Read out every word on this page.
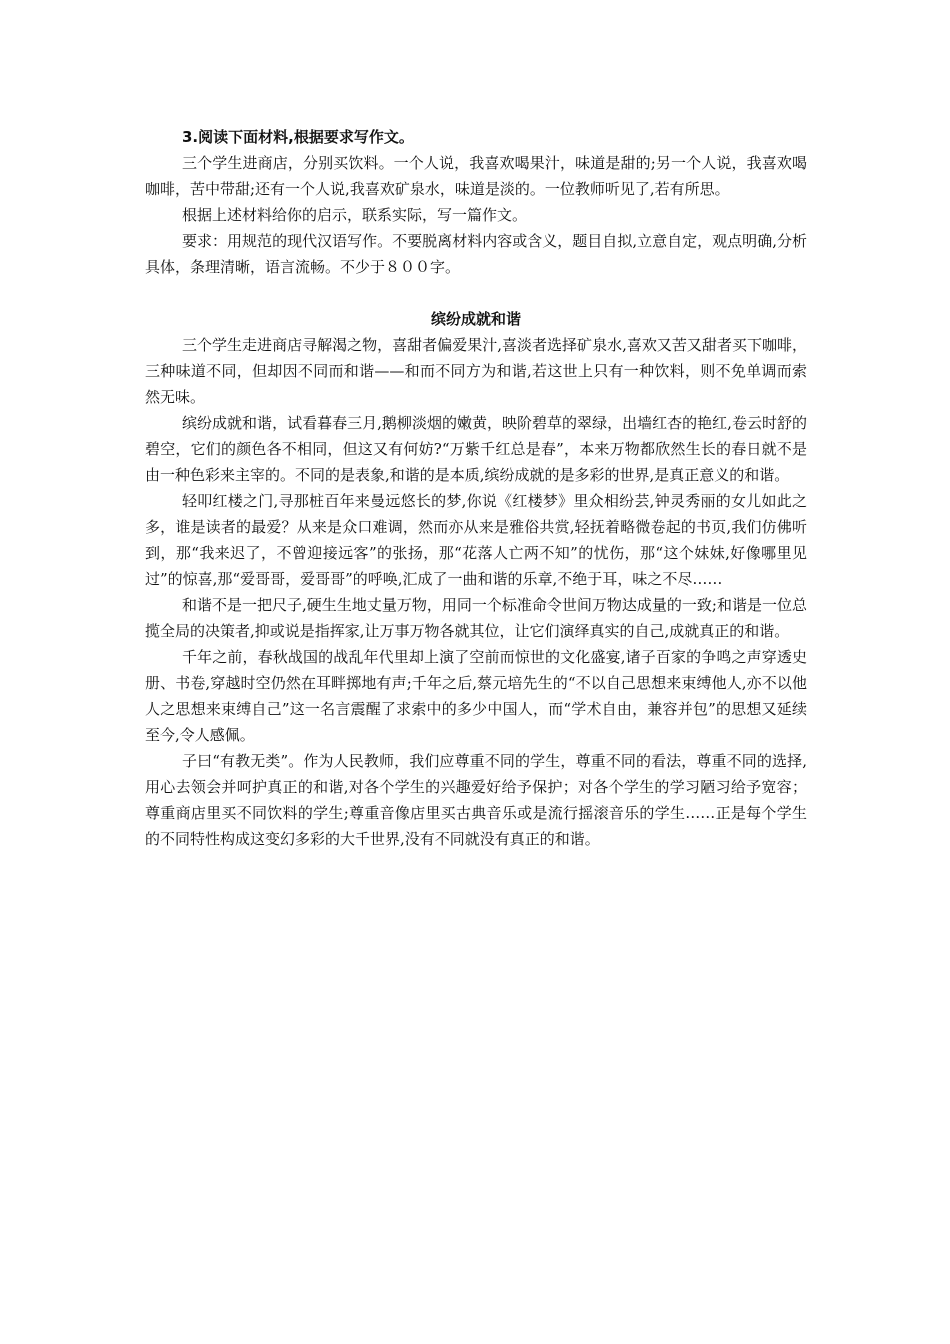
3.阅读下面材料,根据要求写作文。

三个学生进商店，分别买饮料。一个人说，我喜欢喝果汁，味道是甜的;另一个人说，我喜欢喝咖啡，苦中带甜;还有一个人说,我喜欢矿泉水，味道是淡的。一位教师听见了,若有所思。

根据上述材料给你的启示，联系实际，写一篇作文。

要求：用规范的现代汉语写作。不要脱离材料内容或含义，题目自拟,立意自定，观点明确,分析具体，条理清晰，语言流畅。不少于８００字。

缤纷成就和谐

三个学生走进商店寻解渴之物，喜甜者偏爱果汁,喜淡者选择矿泉水,喜欢又苦又甜者买下咖啡，三种味道不同，但却因不同而和谐——和而不同方为和谐,若这世上只有一种饮料，则不免单调而索然无味。

缤纷成就和谐，试看暮春三月,鹅柳淡烟的嫩黄，映阶碧草的翠绿，出墙红杏的艳红,卷云时舒的碧空，它们的颜色各不相同，但这又有何妨?“万紫千红总是春”，本来万物都欣然生长的春日就不是由一种色彩来主宰的。不同的是表象,和谐的是本质,缤纷成就的是多彩的世界,是真正意义的和谐。

轻叩红楼之门,寻那桩百年来曼远悠长的梦,你说《红楼梦》里众相纷芸,钟灵秀丽的女儿如此之多，谁是读者的最爱？从来是众口难调，然而亦从来是雅俗共赏,轻抚着略微卷起的书页,我们仿佛听到，那“我来迟了，不曾迎接远客”的张扬，那“花落人亡两不知”的忧伤，那“这个妹妹,好像哪里见过”的惊喜,那“爱哥哥，爱哥哥”的呼唤,汇成了一曲和谐的乐章,不绝于耳，味之不尽……

和谐不是一把尺子,硬生生地丈量万物，用同一个标准命令世间万物达成量的一致;和谐是一位总揽全局的决策者,抑或说是指挥家,让万事万物各就其位，让它们演绎真实的自己,成就真正的和谐。

千年之前，春秋战国的战乱年代里却上演了空前而惊世的文化盛宴,诸子百家的争鸣之声穿透史册、书卷,穿越时空仍然在耳畔掷地有声;千年之后,蔡元培先生的“不以自己思想来束缚他人,亦不以他人之思想来束缚自己”这一名言震醒了求索中的多少中国人，而“学术自由，兼容并包”的思想又延续至今,令人感佩。

子曰“有教无类”。作为人民教师，我们应尊重不同的学生，尊重不同的看法，尊重不同的选择,用心去领会并呵护真正的和谐,对各个学生的兴趣爱好给予保护；对各个学生的学习陋习给予宽容；尊重商店里买不同饮料的学生;尊重音像店里买古典音乐或是流行摇滚音乐的学生……正是每个学生的不同特性构成这变幻多彩的大千世界,没有不同就没有真正的和谐。
